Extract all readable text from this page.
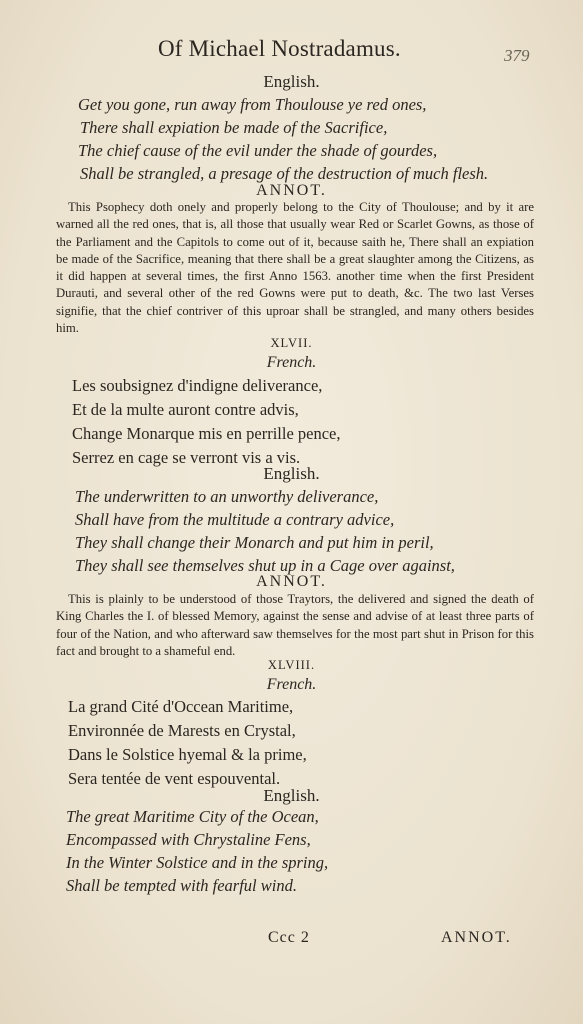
Of Michael Nostradamus.	379
English.
Get you gone, run away from Thoulouse ye red ones,
There shall expiation be made of the Sacrifice,
The chief cause of the evil under the shade of gourdes,
Shall be strangled, a presage of the destruction of much flesh.
ANNOT.

This Psophecy doth onely and properly belong to the City of Thoulouse; and by it are warned all the red ones, that is, all those that usually wear Red or Scarlet Gowns, as those of the Parliament and the Capitols to come out of it, because saith he, There shall an expiation be made of the Sacrifice, meaning that there shall be a great slaughter among the Citizens, as it did happen at several times, the first Anno 1563. another time when the first President Durauti, and several other of the red Gowns were put to death, &c. The two last Verses signifie, that the chief contriver of this uproar shall be strangled, and many others besides him.

XLVII.
French.
Les soubsignez d'indigne deliverance,
Et de la multe auront contre advis,
Change Monarque mis en perrille pence,
Serrez en cage se verront vis a vis.
English.
The underwritten to an unworthy deliverance,
Shall have from the multitude a contrary advice,
They shall change their Monarch and put him in peril,
They shall see themselves shut up in a Cage over against,
ANNOT.

This is plainly to be understood of those Traytors, the delivered and signed the death of King Charles the I. of blessed Memory, against the sense and advise of at least three parts of four of the Nation, and who afterward saw themselves for the most part shut in Prison for this fact and brought to a shameful end.

XLVIII.
French.
La grand Cité d'Occean Maritime,
Environnée de Marests en Crystal,
Dans le Solstice hyemal & la prime,
Sera tentée de vent espouvental.
English.
The great Maritime City of the Ocean,
Encompassed with Chrystaline Fens,
In the Winter Solstice and in the spring,
Shall be tempted with fearful wind.
Ccc 2	ANNOT.
